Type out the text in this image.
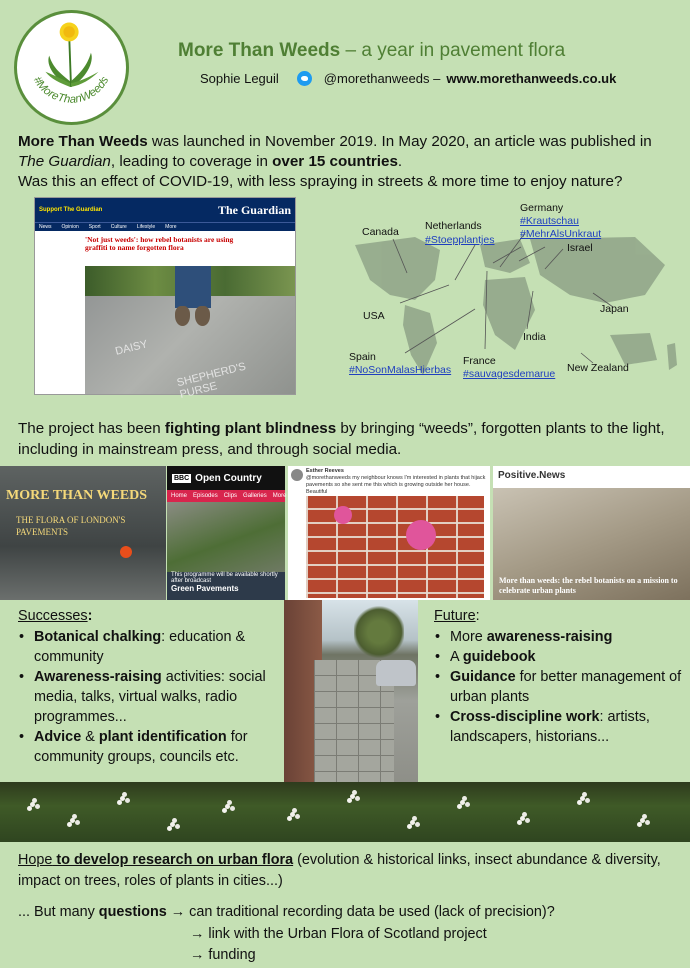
#MoreThanWeeds
More Than Weeds – a year in pavement flora
Sophie Leguil	@morethanweeds – www.morethanweeds.co.uk
More Than Weeds was launched in November 2019. In May 2020, an article was published in The Guardian, leading to coverage in over 15 countries.
Was this an effect of COVID-19, with less spraying in streets & more time to enjoy nature?
Support The Guardian	The Guardian
News Opinion Sport Culture Lifestyle More
'Not just weeds': how rebel botanists are using graffiti to name forgotten flora
DAISY
SHEPHERD'S PURSE
Canada Netherlands
#Stoepplantjes
Germany
#Krautschau #MehrAlsUnkraut
Israel
Japan
USA
India
Spain
#NoSonMalasHierbas
France
#sauvagesdemarue New Zealand
The project has been fighting plant blindness by bringing “weeds”, forgotten plants to the light, including in mainstream press, and through social media.
MORE THAN WEEDS
THE FLORA OF LONDON'S PAVEMENTS
BBC Open Country
Home Episodes Clips Galleries More
This programme will be available shortly after broadcast
Green Pavements
Esther Reeves
@morethanweeds my neighbour knows I'm interested in plants that hijack pavements so she sent me this which is growing outside her house. Beautiful
Positive.News
More than weeds: the rebel botanists on a mission to celebrate urban plants
Successes:
• Botanical chalking: education & community
• Awareness-raising activities: social media, talks, virtual walks, radio programmes...
• Advice & plant identification for community groups, councils etc.
Future:
• More awareness-raising
• A guidebook
• Guidance for better management of urban plants
• Cross-discipline work: artists, landscapers, historians...
Hope to develop research on urban flora (evolution & historical links, insect abundance & diversity, impact on trees, roles of plants in cities...)
... But many questions → can traditional recording data be used (lack of precision)?
→ link with the Urban Flora of Scotland project
→ funding
